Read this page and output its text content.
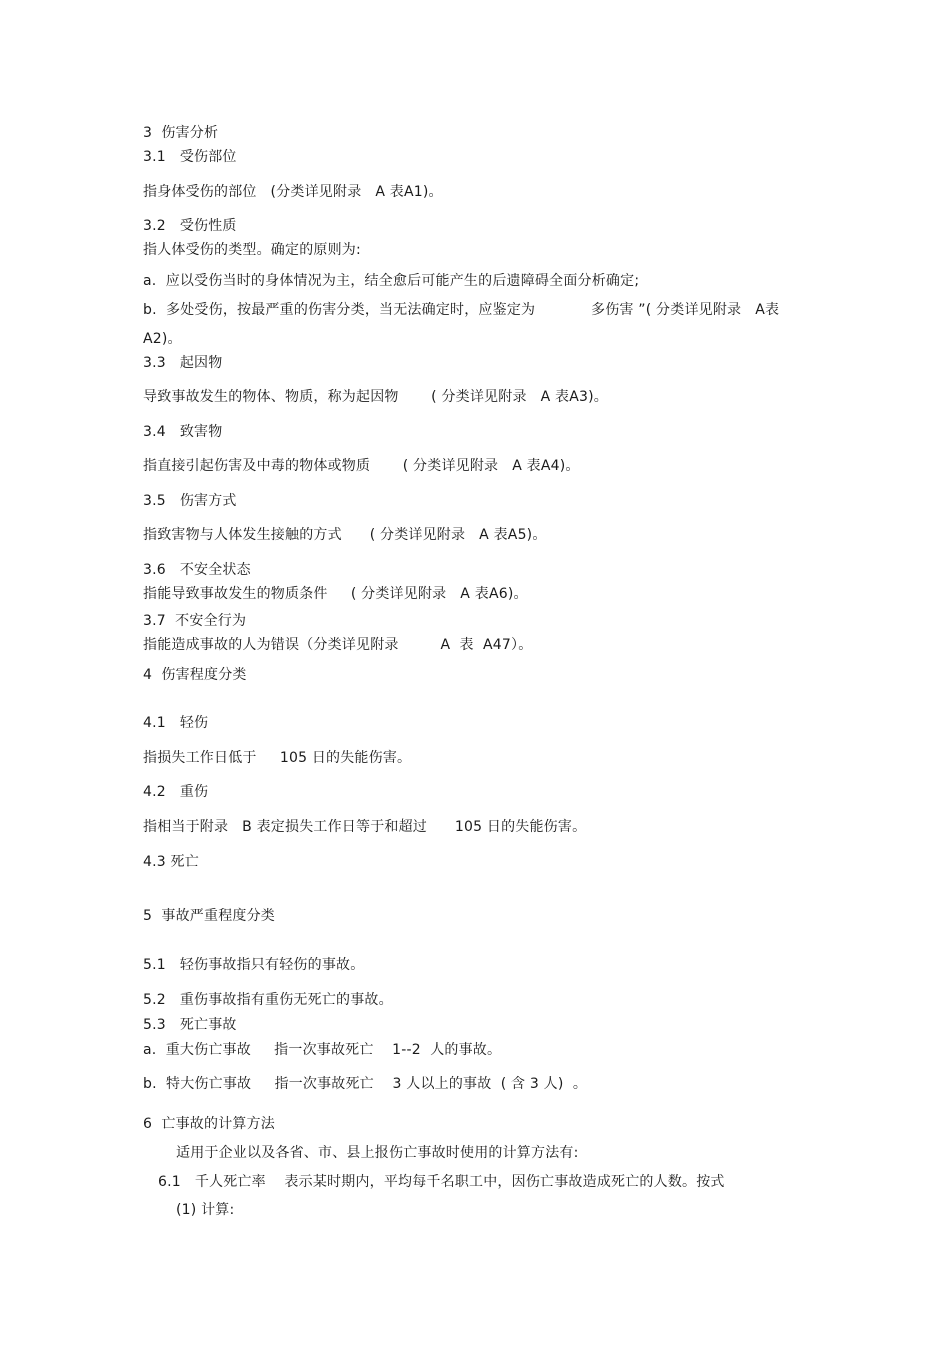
3  伤害分析
3.1   受伤部位
指身体受伤的部位   (分类详见附录   A 表A1)。
3.2   受伤性质
指人体受伤的类型。确定的原则为:
a.  应以受伤当时的身体情况为主，结全愈后可能产生的后遗障碍全面分析确定;
b.  多处受伤，按最严重的伤害分类，当无法确定时，应鉴定为            多伤害 ”( 分类详见附录   A表
A2)。
3.3   起因物
导致事故发生的物体、物质，称为起因物       ( 分类详见附录   A 表A3)。
3.4   致害物
指直接引起伤害及中毒的物体或物质       ( 分类详见附录   A 表A4)。
3.5   伤害方式
指致害物与人体发生接触的方式      ( 分类详见附录   A 表A5)。
3.6   不安全状态
指能导致事故发生的物质条件     ( 分类详见附录   A 表A6)。
3.7  不安全行为
指能造成事故的人为错误（分类详见附录         A  表  A47）。
4  伤害程度分类
4.1   轻伤
指损失工作日低于     105 日的失能伤害。
4.2   重伤
指相当于附录   B 表定损失工作日等于和超过      105 日的失能伤害。
4.3 死亡
5  事故严重程度分类
5.1   轻伤事故指只有轻伤的事故。
5.2   重伤事故指有重伤无死亡的事故。
5.3   死亡事故
a.  重大伤亡事故     指一次事故死亡    1--2  人的事故。
b.  特大伤亡事故     指一次事故死亡    3 人以上的事故  ( 含 3 人)  。
6  亡事故的计算方法
适用于企业以及各省、市、县上报伤亡事故时使用的计算方法有:
6.1   千人死亡率    表示某时期内，平均每千名职工中，因伤亡事故造成死亡的人数。按式
(1) 计算:
